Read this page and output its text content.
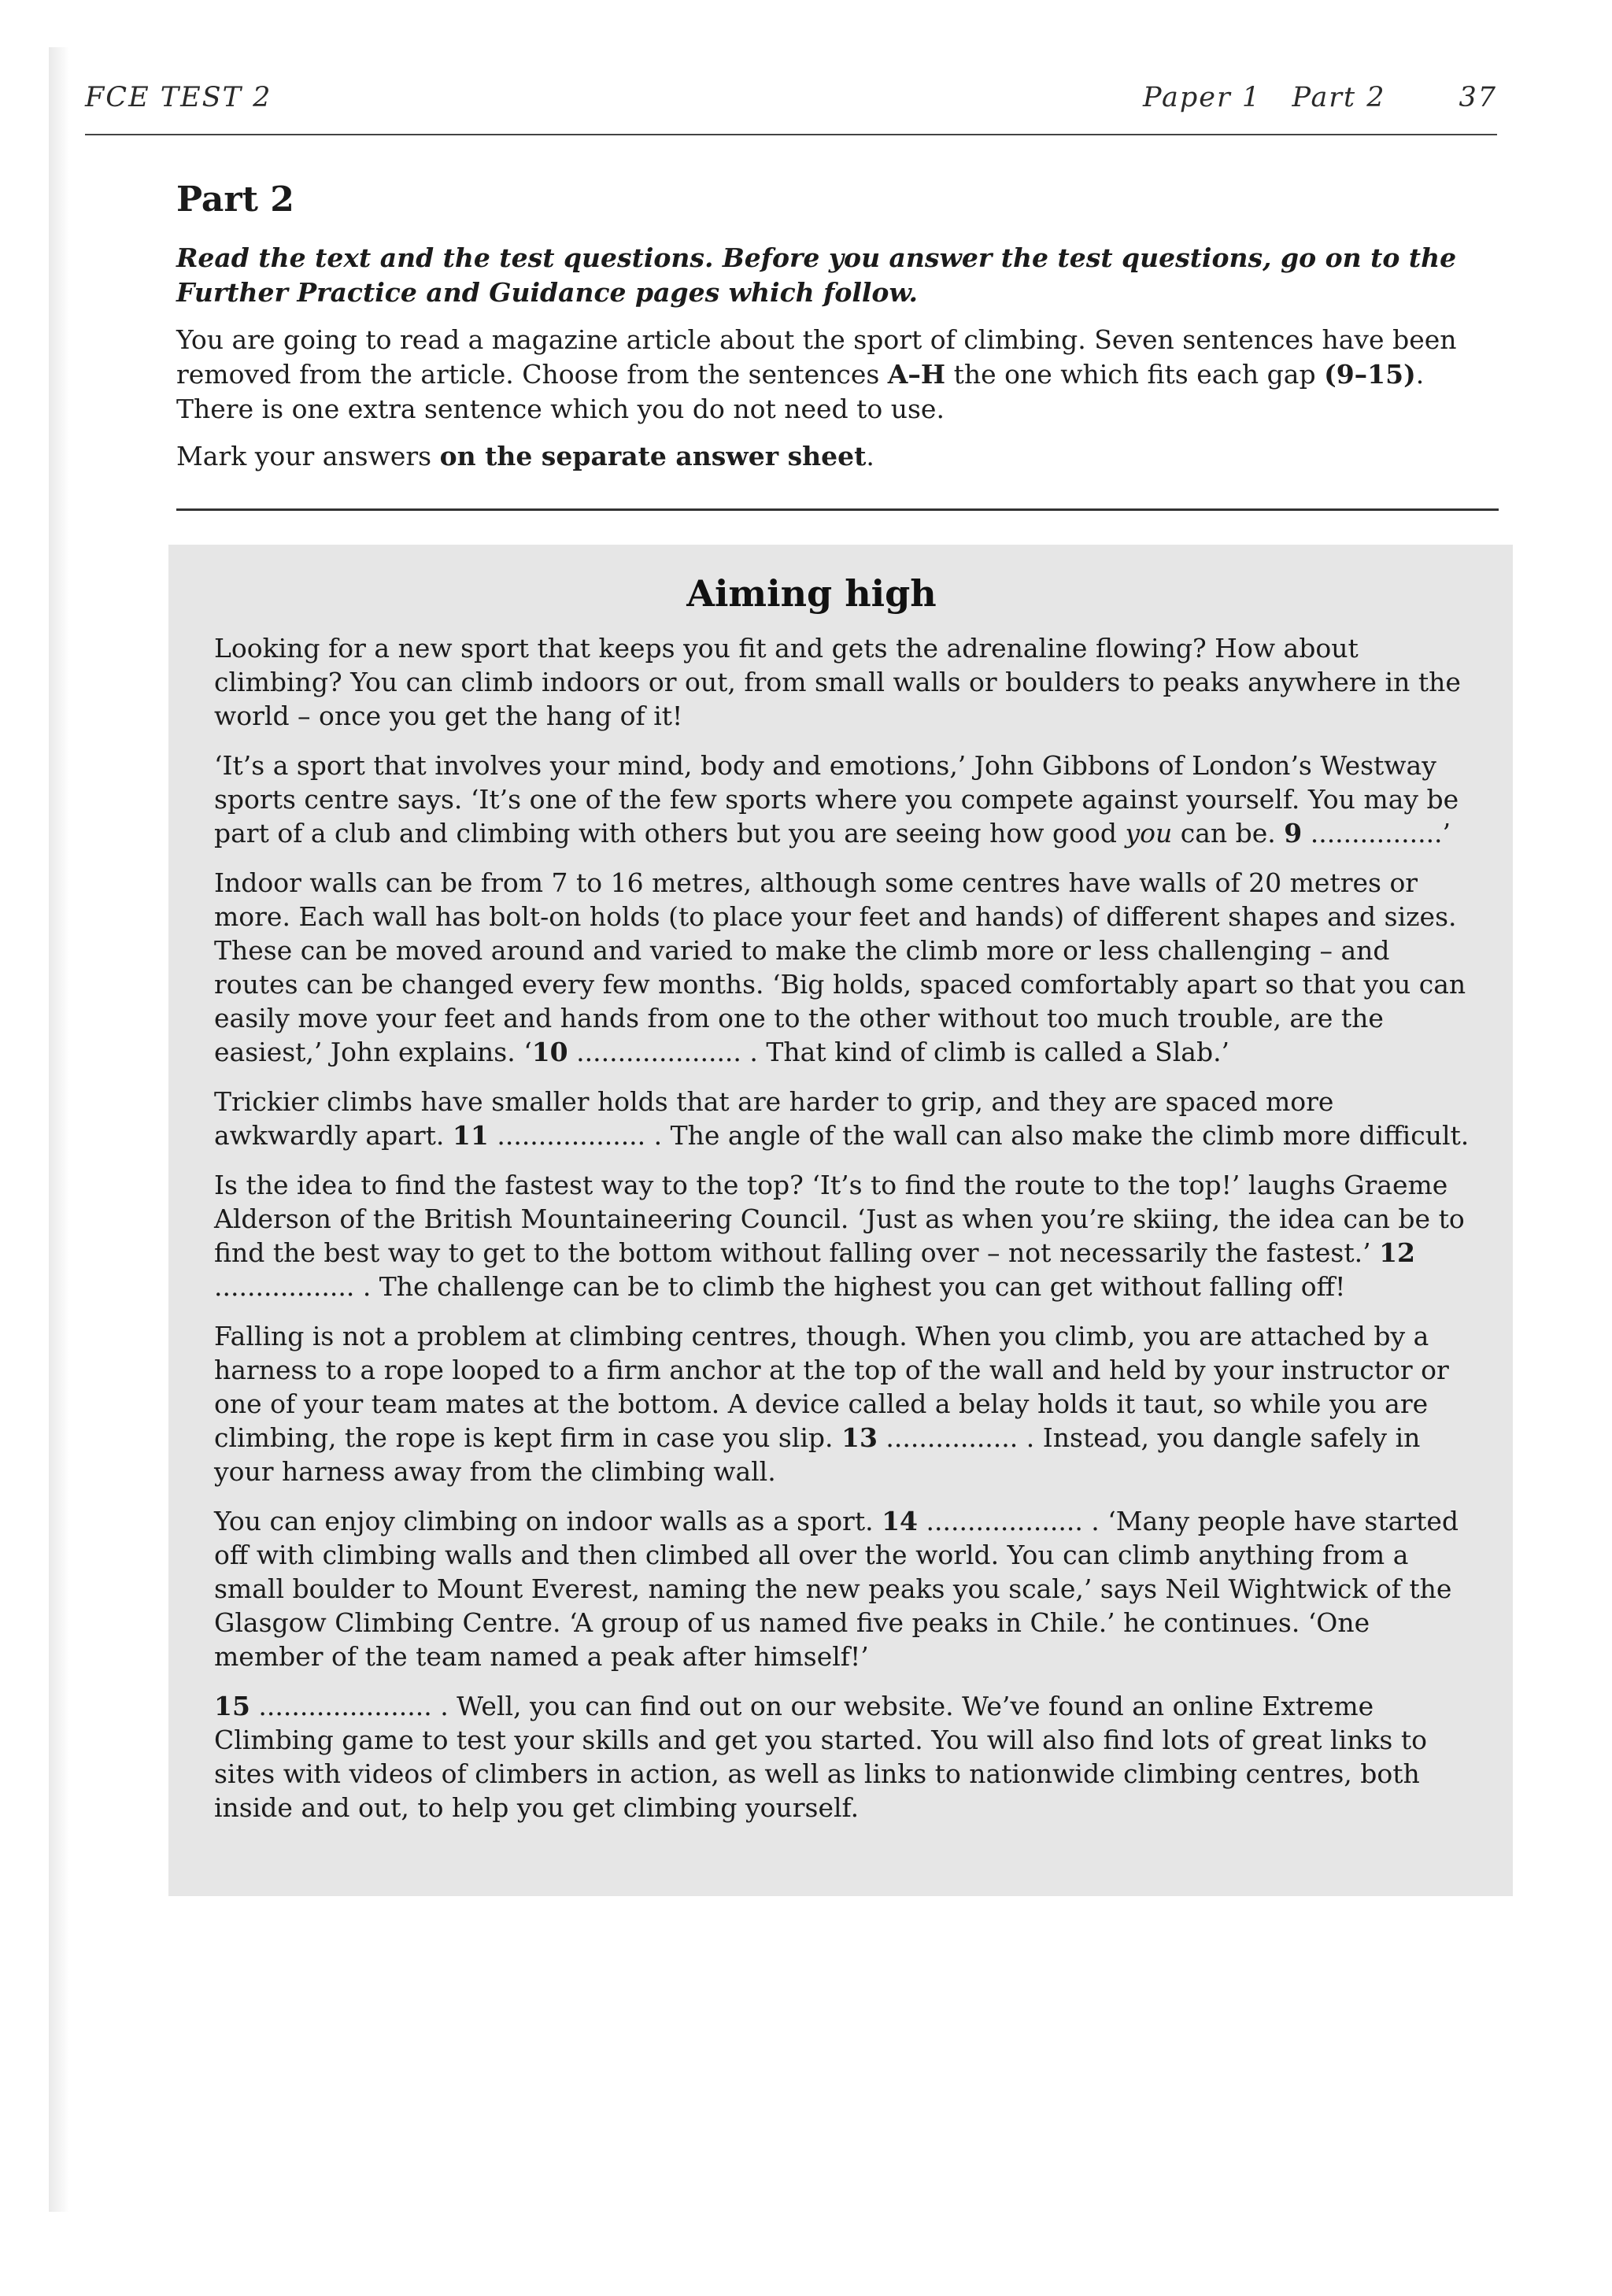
FCE TEST 2	Paper 1   Part 2	37
Part 2

Read the text and the test questions. Before you answer the test questions, go on to the Further Practice and Guidance pages which follow.

You are going to read a magazine article about the sport of climbing. Seven sentences have been removed from the article. Choose from the sentences A–H the one which fits each gap (9–15). There is one extra sentence which you do not need to use.

Mark your answers on the separate answer sheet.

Aiming high

Looking for a new sport that keeps you fit and gets the adrenaline flowing? How about climbing? You can climb indoors or out, from small walls or boulders to peaks anywhere in the world – once you get the hang of it!

‘It’s a sport that involves your mind, body and emotions,’ John Gibbons of London’s Westway sports centre says. ‘It’s one of the few sports where you compete against yourself. You may be part of a club and climbing with others but you are seeing how good you can be. 9 ................’

Indoor walls can be from 7 to 16 metres, although some centres have walls of 20 metres or more. Each wall has bolt-on holds (to place your feet and hands) of different shapes and sizes. These can be moved around and varied to make the climb more or less challenging – and routes can be changed every few months. ‘Big holds, spaced comfortably apart so that you can easily move your feet and hands from one to the other without too much trouble, are the easiest,’ John explains. ‘10 .................... . That kind of climb is called a Slab.’

Trickier climbs have smaller holds that are harder to grip, and they are spaced more awkwardly apart. 11 .................. . The angle of the wall can also make the climb more difficult.

Is the idea to find the fastest way to the top? ‘It’s to find the route to the top!’ laughs Graeme Alderson of the British Mountaineering Council. ‘Just as when you’re skiing, the idea can be to find the best way to get to the bottom without falling over – not necessarily the fastest.’ 12 ................. . The challenge can be to climb the highest you can get without falling off!

Falling is not a problem at climbing centres, though. When you climb, you are attached by a harness to a rope looped to a firm anchor at the top of the wall and held by your instructor or one of your team mates at the bottom. A device called a belay holds it taut, so while you are climbing, the rope is kept firm in case you slip. 13 ................ . Instead, you dangle safely in your harness away from the climbing wall.

You can enjoy climbing on indoor walls as a sport. 14 ................... . ‘Many people have started off with climbing walls and then climbed all over the world. You can climb anything from a small boulder to Mount Everest, naming the new peaks you scale,’ says Neil Wightwick of the Glasgow Climbing Centre. ‘A group of us named five peaks in Chile.’ he continues. ‘One member of the team named a peak after himself!’

15 ..................... . Well, you can find out on our website. We’ve found an online Extreme Climbing game to test your skills and get you started. You will also find lots of great links to sites with videos of climbers in action, as well as links to nationwide climbing centres, both inside and out, to help you get climbing yourself.
